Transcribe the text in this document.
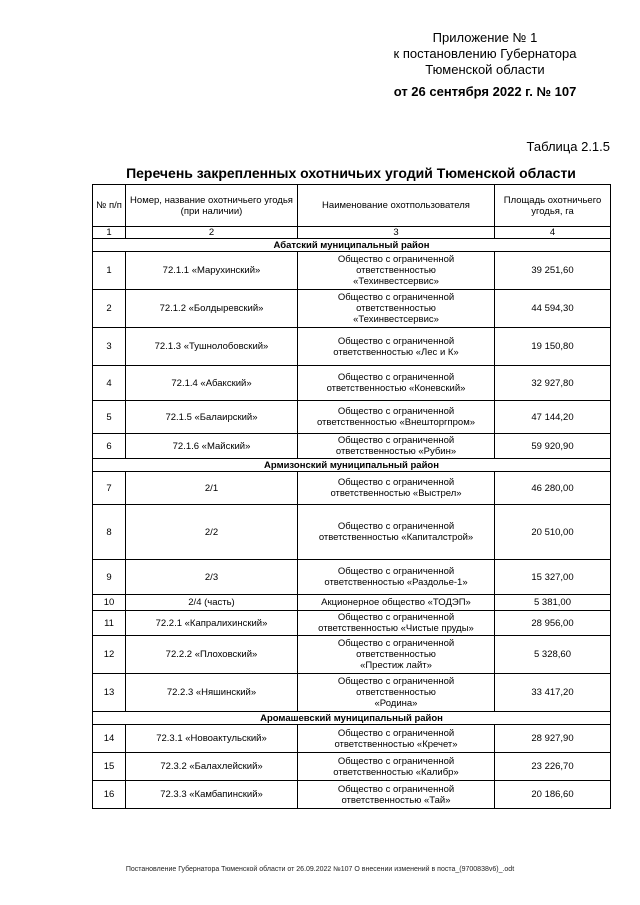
Приложение № 1
к постановлению Губернатора
Тюменской области
от 26 сентября 2022 г. № 107
Таблица 2.1.5
Перечень закрепленных охотничьих угодий Тюменской области
№ п/п	Номер, название охотничьего угодья (при наличии)	Наименование охотпользователя	Площадь охотничьего угодья, га
1	2	3	4
Абатский муниципальный район			
1	72.1.1 «Марухинский»	Общество с ограниченной
ответственностью
«Техинвестсервис»	39 251,60
2	72.1.2 «Болдыревский»	Общество с ограниченной
ответственностью
«Техинвестсервис»	44 594,30
3	72.1.3 «Тушнолобовский»	Общество с ограниченной
ответственностью «Лес и К»	19 150,80
4	72.1.4 «Абакский»	Общество с ограниченной
ответственностью «Коневский»	32 927,80
5	72.1.5 «Балаирский»	Общество с ограниченной
ответственностью «Внешторгпром»	47 144,20
6	72.1.6 «Майский»	Общество с ограниченной
ответственностью «Рубин»	59 920,90
Армизонский муниципальный район			
7	2/1	Общество с ограниченной
ответственностью «Выстрел»	46 280,00
8	2/2	Общество с ограниченной
ответственностью «Капиталстрой»	20 510,00
9	2/3	Общество с ограниченной
ответственностью «Раздолье-1»	15 327,00
10	2/4 (часть)	Акционерное общество «ТОДЭП»	5 381,00
11	72.2.1 «Капралихинский»	Общество с ограниченной
ответственностью «Чистые пруды»	28 956,00
12	72.2.2 «Плоховский»	Общество с ограниченной
ответственностью
«Престиж лайт»	5 328,60
13	72.2.3 «Няшинский»	Общество с ограниченной
ответственностью
«Родина»	33 417,20
Аромашевский муниципальный район			
14	72.3.1 «Новоактульский»	Общество с ограниченной
ответственностью «Кречет»	28 927,90
15	72.3.2 «Балахлейский»	Общество с ограниченной
ответственностью «Калибр»	23 226,70
16	72.3.3 «Камбапинский»	Общество с ограниченной
ответственностью «Тай»	20 186,60
Постановление Губернатора Тюменской области от 26.09.2022 №107 О внесении изменений в поста_(9700838v6)_.odt
